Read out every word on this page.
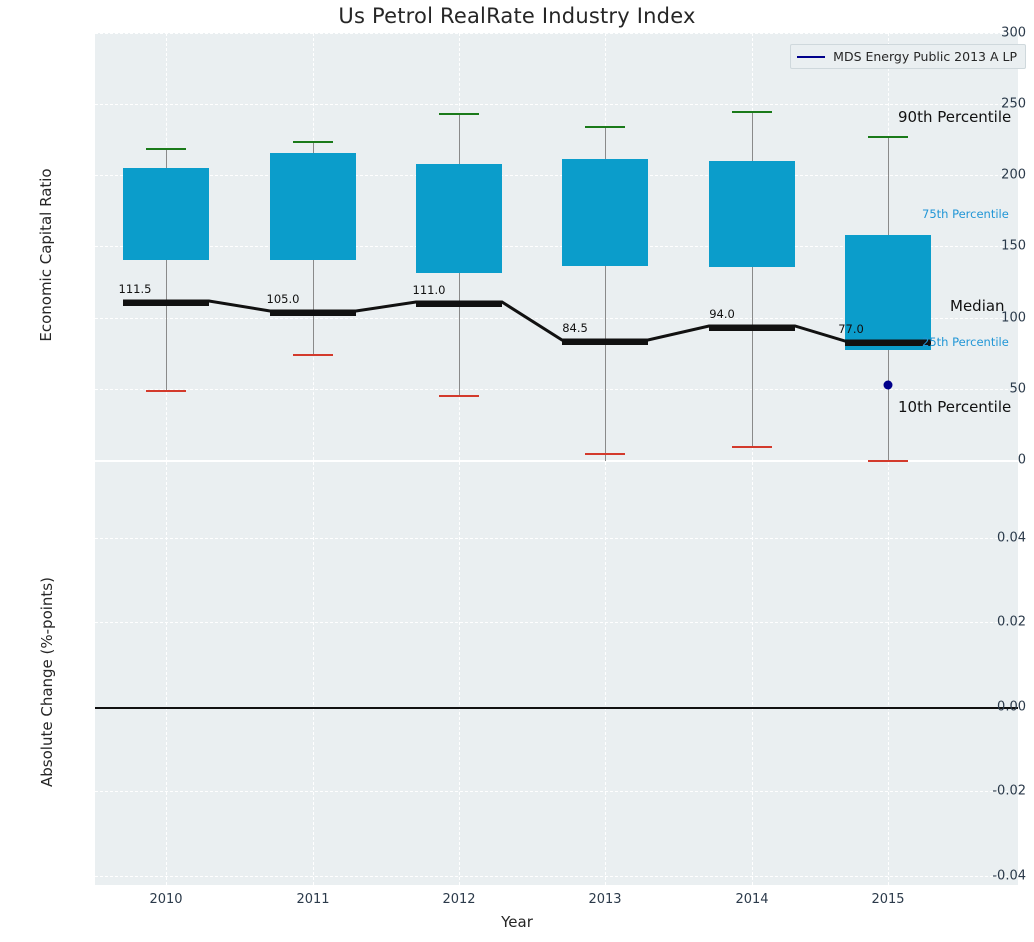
Us Petrol RealRate Industry Index
111.5
105.0
111.0
84.5
94.0
77.0
300
250
200
150
100
50
0
Economic Capital Ratio
MDS Energy Public 2013 A LP
90th Percentile
75th Percentile
Median
25th Percentile
10th Percentile
0.04
0.02
0.00
-0.02
-0.04
Absolute Change (%-points)
2010	2011	2012	2013	2014	2015
Year
